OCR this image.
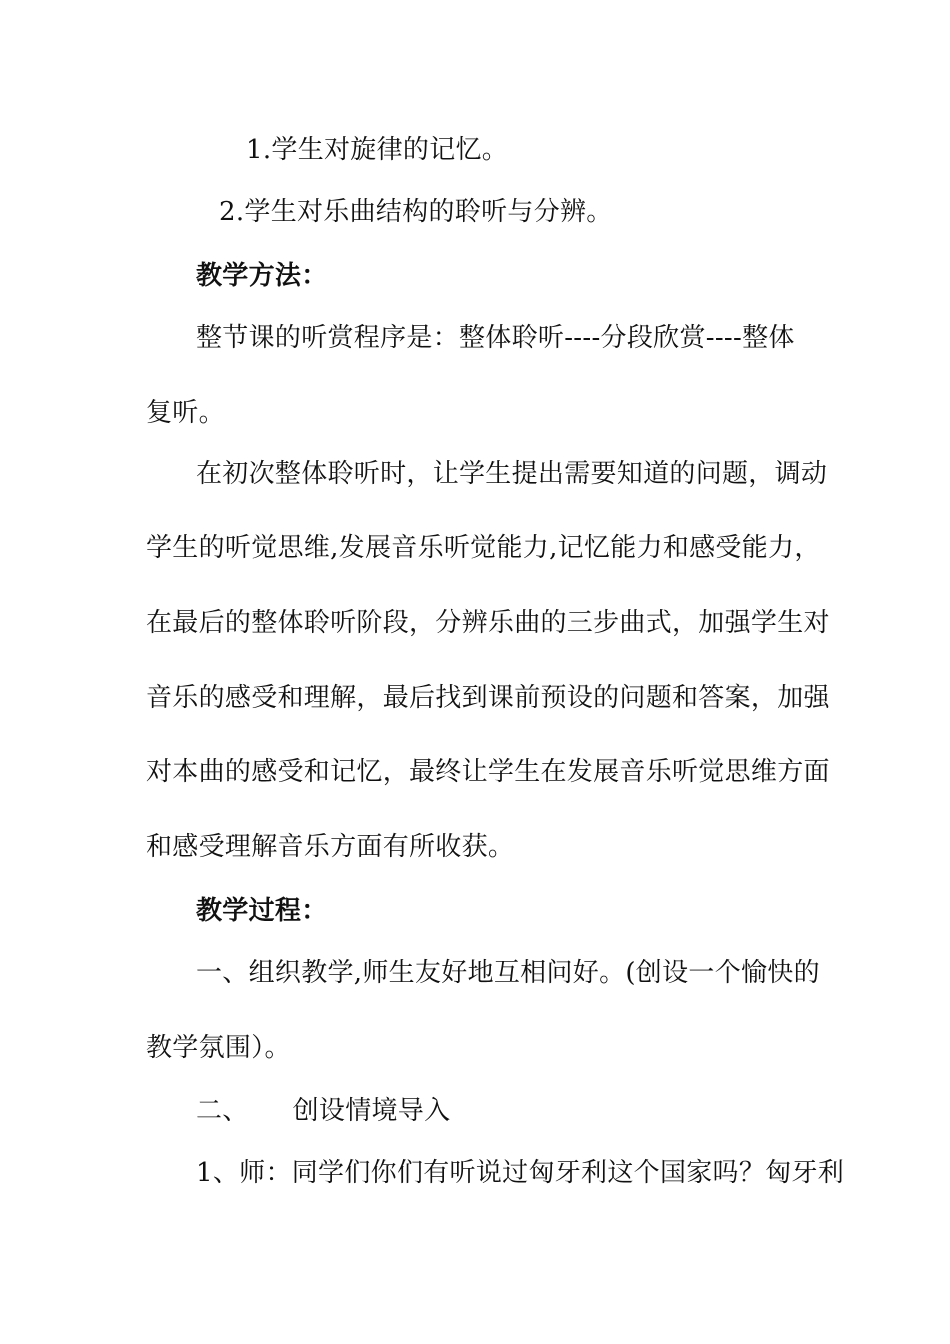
1.学生对旋律的记忆。

2.学生对乐曲结构的聆听与分辨。

教学方法：

整节课的听赏程序是：整体聆听----分段欣赏----整体

复听。

在初次整体聆听时，让学生提出需要知道的问题，调动

学生的听觉思维,发展音乐听觉能力,记忆能力和感受能力，

在最后的整体聆听阶段，分辨乐曲的三步曲式，加强学生对

音乐的感受和理解，最后找到课前预设的问题和答案，加强

对本曲的感受和记忆，最终让学生在发展音乐听觉思维方面

和感受理解音乐方面有所收获。

教学过程：

一、组织教学,师生友好地互相问好。(创设一个愉快的

教学氛围）。

二、 创设情境导入

1、师：同学们你们有听说过匈牙利这个国家吗？匈牙利
